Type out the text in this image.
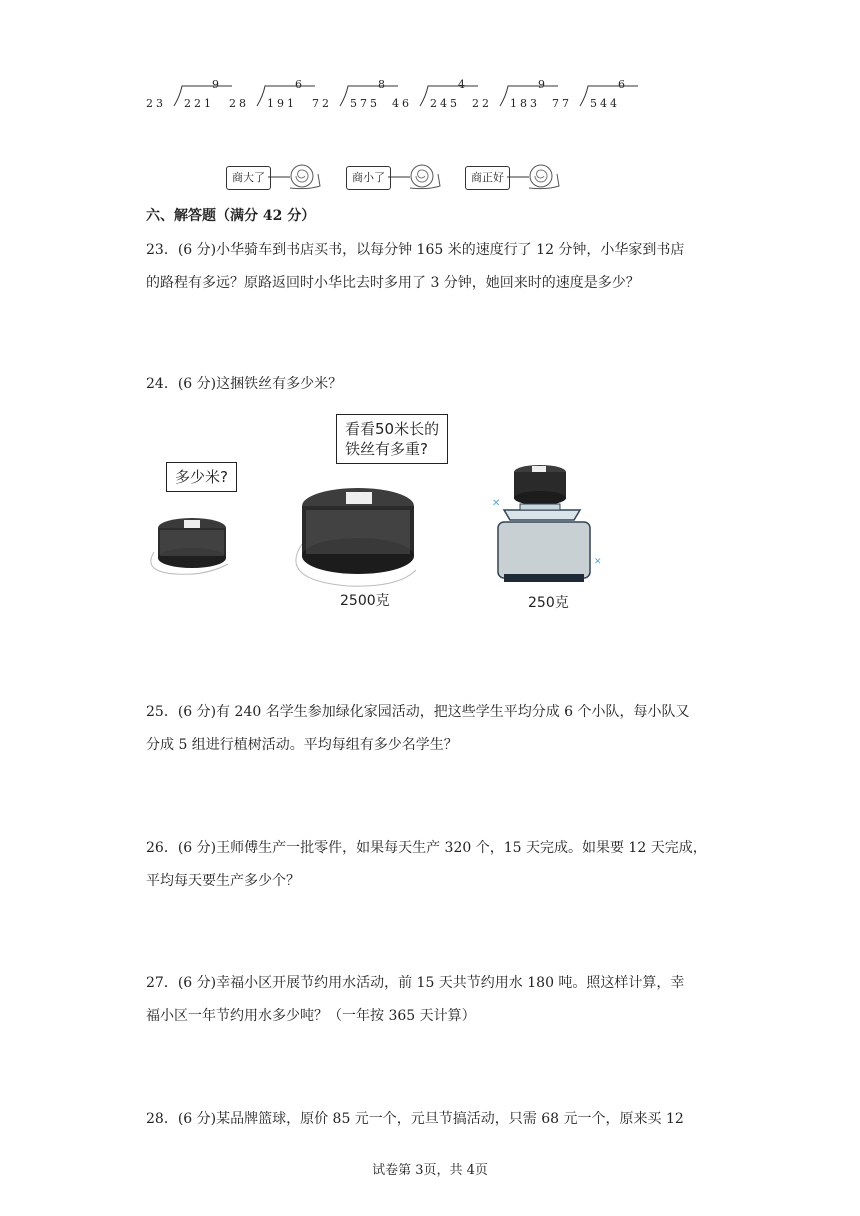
9
23 221
6
28 191
8
72 575
4
46 245
9
22 183
6
77 544
商大了	商小了	商正好
六、解答题（满分 42 分）
23．(6 分)小华骑车到书店买书，以每分钟 165 米的速度行了 12 分钟，小华家到书店
的路程有多远？原路返回时小华比去时多用了 3 分钟，她回来时的速度是多少？
24．(6 分)这捆铁丝有多少米？
多少米?
看看50米长的
铁丝有多重?
2500克
✕
✕
250克
25．(6 分)有 240 名学生参加绿化家园活动，把这些学生平均分成 6 个小队，每小队又
分成 5 组进行植树活动。平均每组有多少名学生？
26．(6 分)王师傅生产一批零件，如果每天生产 320 个，15 天完成。如果要 12 天完成，
平均每天要生产多少个？
27．(6 分)幸福小区开展节约用水活动，前 15 天共节约用水 180 吨。照这样计算，幸
福小区一年节约用水多少吨？（一年按 365 天计算）
28．(6 分)某品牌篮球，原价 85 元一个，元旦节搞活动，只需 68 元一个，原来买 12
试卷第 3页，共 4页
